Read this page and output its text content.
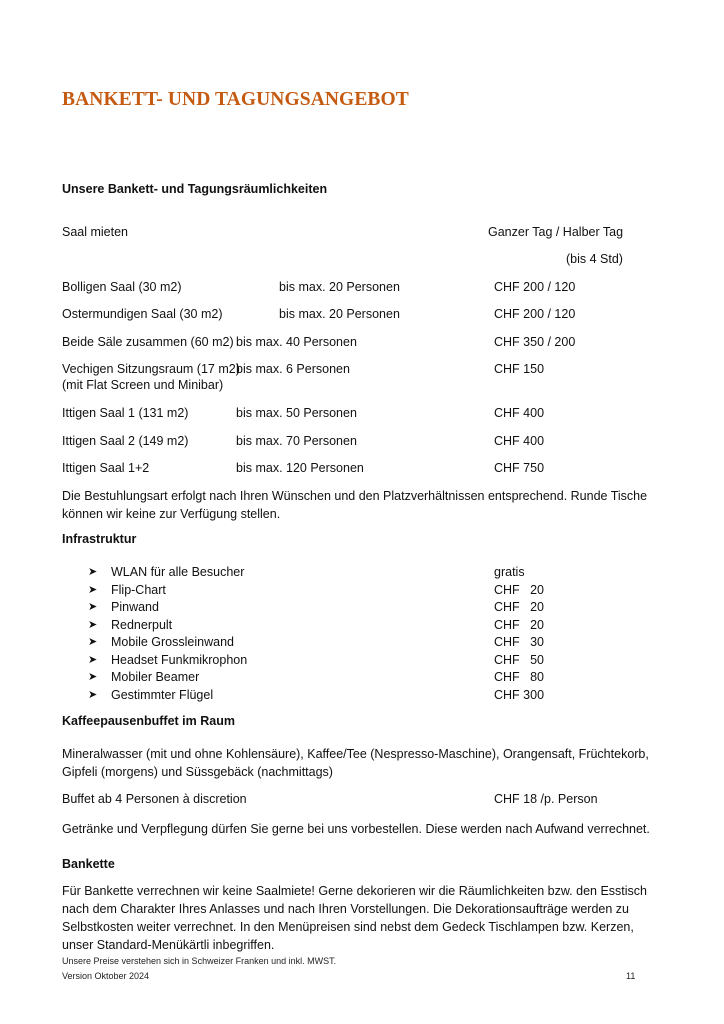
BANKETT- UND TAGUNGSANGEBOT
Unsere Bankett- und Tagungsräumlichkeiten
Saal mieten	Ganzer Tag / Halber Tag
(bis 4 Std)
Bolligen Saal (30 m2)	bis max. 20 Personen	CHF 200 / 120
Ostermundigen Saal (30 m2)	bis max. 20 Personen	CHF 200 / 120
Beide Säle zusammen (60 m2) bis max. 40 Personen	CHF 350 / 200
Vechigen Sitzungsraum (17 m2)
(mit Flat Screen und Minibar)
bis max. 6 Personen	CHF 150
Ittigen Saal 1 (131 m2)	bis max. 50 Personen	CHF 400
Ittigen Saal 2 (149 m2)	bis max. 70 Personen	CHF 400
Ittigen Saal 1+2	bis max. 120 Personen	CHF 750
Die Bestuhlungsart erfolgt nach Ihren Wünschen und den Platzverhältnissen entsprechend. Runde Tische können wir keine zur Verfügung stellen.
Infrastruktur
➤ WLAN für alle Besucher	gratis
➤ Flip-Chart	CHF   20
➤ Pinwand	CHF   20
➤ Rednerpult	CHF   20
➤ Mobile Grossleinwand	CHF   30
➤ Headset Funkmikrophon	CHF   50
➤ Mobiler Beamer	CHF   80
➤ Gestimmter Flügel	CHF 300
Kaffeepausenbuffet im Raum
Mineralwasser (mit und ohne Kohlensäure), Kaffee/Tee (Nespresso-Maschine), Orangensaft, Früchtekorb, Gipfeli (morgens) und Süssgebäck (nachmittags)
Buffet ab 4 Personen à discretion	CHF 18 /p. Person
Getränke und Verpflegung dürfen Sie gerne bei uns vorbestellen. Diese werden nach Aufwand verrechnet.
Bankette
Für Bankette verrechnen wir keine Saalmiete! Gerne dekorieren wir die Räumlichkeiten bzw. den Esstisch nach dem Charakter Ihres Anlasses und nach Ihren Vorstellungen. Die Dekorationsaufträge werden zu Selbstkosten weiter verrechnet. In den Menüpreisen sind nebst dem Gedeck Tischlampen bzw. Kerzen, unser Standard-Menükärtli inbegriffen.
Unsere Preise verstehen sich in Schweizer Franken und inkl. MWST.
Version Oktober 2024	11
